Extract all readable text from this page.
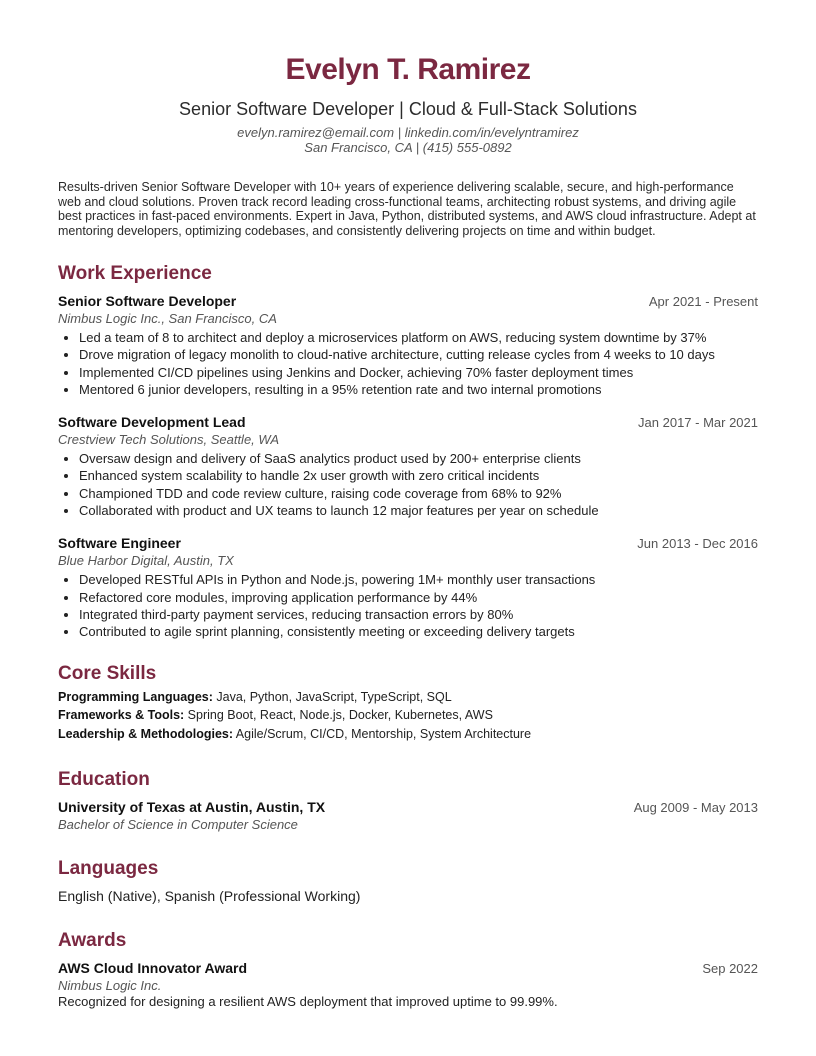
Evelyn T. Ramirez
Senior Software Developer | Cloud & Full-Stack Solutions
evelyn.ramirez@email.com | linkedin.com/in/evelyntramirez
San Francisco, CA | (415) 555-0892
Results-driven Senior Software Developer with 10+ years of experience delivering scalable, secure, and high-performance web and cloud solutions. Proven track record leading cross-functional teams, architecting robust systems, and driving agile best practices in fast-paced environments. Expert in Java, Python, distributed systems, and AWS cloud infrastructure. Adept at mentoring developers, optimizing codebases, and consistently delivering projects on time and within budget.
Work Experience
Senior Software Developer	Apr 2021 - Present
Nimbus Logic Inc., San Francisco, CA
• Led a team of 8 to architect and deploy a microservices platform on AWS, reducing system downtime by 37%
• Drove migration of legacy monolith to cloud-native architecture, cutting release cycles from 4 weeks to 10 days
• Implemented CI/CD pipelines using Jenkins and Docker, achieving 70% faster deployment times
• Mentored 6 junior developers, resulting in a 95% retention rate and two internal promotions
Software Development Lead	Jan 2017 - Mar 2021
Crestview Tech Solutions, Seattle, WA
• Oversaw design and delivery of SaaS analytics product used by 200+ enterprise clients
• Enhanced system scalability to handle 2x user growth with zero critical incidents
• Championed TDD and code review culture, raising code coverage from 68% to 92%
• Collaborated with product and UX teams to launch 12 major features per year on schedule
Software Engineer	Jun 2013 - Dec 2016
Blue Harbor Digital, Austin, TX
• Developed RESTful APIs in Python and Node.js, powering 1M+ monthly user transactions
• Refactored core modules, improving application performance by 44%
• Integrated third-party payment services, reducing transaction errors by 80%
• Contributed to agile sprint planning, consistently meeting or exceeding delivery targets
Core Skills
Programming Languages: Java, Python, JavaScript, TypeScript, SQL
Frameworks & Tools: Spring Boot, React, Node.js, Docker, Kubernetes, AWS
Leadership & Methodologies: Agile/Scrum, CI/CD, Mentorship, System Architecture
Education
University of Texas at Austin, Austin, TX	Aug 2009 - May 2013
Bachelor of Science in Computer Science
Languages
English (Native), Spanish (Professional Working)
Awards
AWS Cloud Innovator Award	Sep 2022
Nimbus Logic Inc.
Recognized for designing a resilient AWS deployment that improved uptime to 99.99%.
